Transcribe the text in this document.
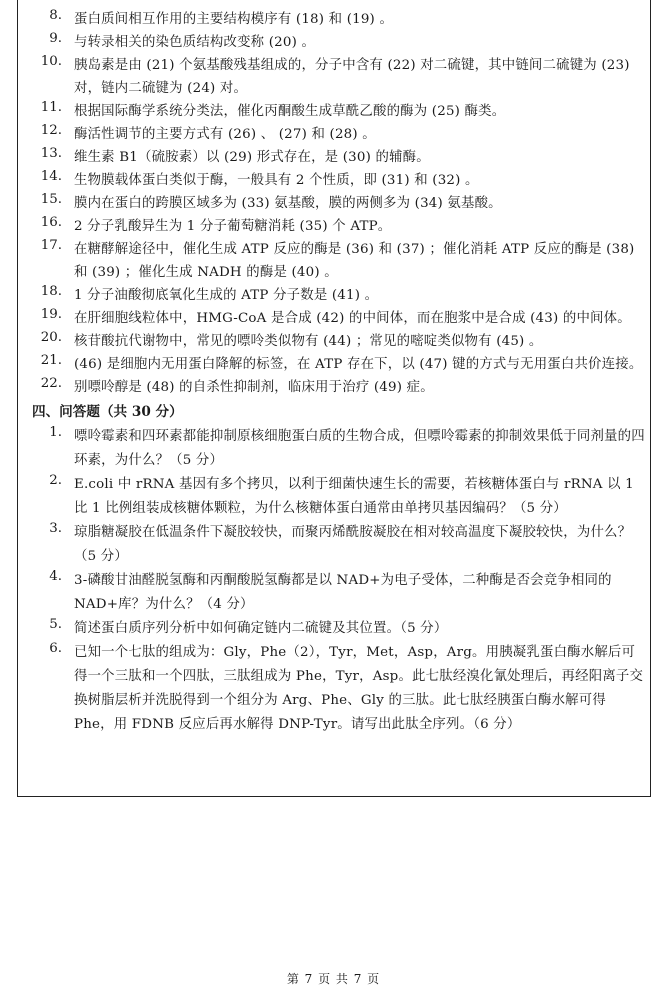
8. 蛋白质间相互作用的主要结构模序有 (18) 和 (19) 。
9. 与转录相关的染色质结构改变称 (20) 。
10. 胰岛素是由 (21) 个氨基酸残基组成的，分子中含有 (22) 对二硫键，其中链间二硫键为 (23) 对，链内二硫键为 (24) 对。
11. 根据国际酶学系统分类法，催化丙酮酸生成草酰乙酸的酶为 (25) 酶类。
12. 酶活性调节的主要方式有 (26) 、 (27) 和 (28) 。
13. 维生素 B1（硫胺素）以 (29) 形式存在，是 (30) 的辅酶。
14. 生物膜载体蛋白类似于酶，一般具有 2 个性质，即 (31) 和 (32) 。
15. 膜内在蛋白的跨膜区域多为 (33) 氨基酸，膜的两侧多为 (34) 氨基酸。
16. 2 分子乳酸异生为 1 分子葡萄糖消耗 (35) 个 ATP。
17. 在糖酵解途径中，催化生成 ATP 反应的酶是 (36) 和 (37) ；催化消耗 ATP 反应的酶是 (38) 和 (39) ；催化生成 NADH 的酶是 (40) 。
18. 1 分子油酸彻底氧化生成的 ATP 分子数是 (41) 。
19. 在肝细胞线粒体中，HMG-CoA 是合成 (42) 的中间体，而在胞浆中是合成 (43) 的中间体。
20. 核苷酸抗代谢物中，常见的嘌呤类似物有 (44) ；常见的嘧啶类似物有 (45) 。
21. (46) 是细胞内无用蛋白降解的标签，在 ATP 存在下，以 (47) 键的方式与无用蛋白共价连接。
22. 别嘌呤醇是 (48) 的自杀性抑制剂，临床用于治疗 (49) 症。
四、问答题（共 30 分）
1. 嘌呤霉素和四环素都能抑制原核细胞蛋白质的生物合成，但嘌呤霉素的抑制效果低于同剂量的四环素，为什么？（5 分）
2. E.coli 中 rRNA 基因有多个拷贝，以利于细菌快速生长的需要，若核糖体蛋白与 rRNA 以 1 比 1 比例组装成核糖体颗粒，为什么核糖体蛋白通常由单拷贝基因编码？（5 分）
3. 琼脂糖凝胶在低温条件下凝胶较快，而聚丙烯酰胺凝胶在相对较高温度下凝胶较快，为什么？（5 分）
4. 3-磷酸甘油醛脱氢酶和丙酮酸脱氢酶都是以 NAD+为电子受体，二种酶是否会竞争相同的 NAD+库？为什么？（4 分）
5. 简述蛋白质序列分析中如何确定链内二硫键及其位置。（5 分）
6. 已知一个七肽的组成为：Gly，Phe（2），Tyr，Met，Asp，Arg。用胰凝乳蛋白酶水解后可得一个三肽和一个四肽，三肽组成为 Phe，Tyr，Asp。此七肽经溴化氰处理后，再经阳离子交换树脂层析并洗脱得到一个组分为 Arg、Phe、Gly 的三肽。此七肽经胰蛋白酶水解可得 Phe，用 FDNB 反应后再水解得 DNP-Tyr。请写出此肽全序列。（6 分）
第 7 页 共 7 页
